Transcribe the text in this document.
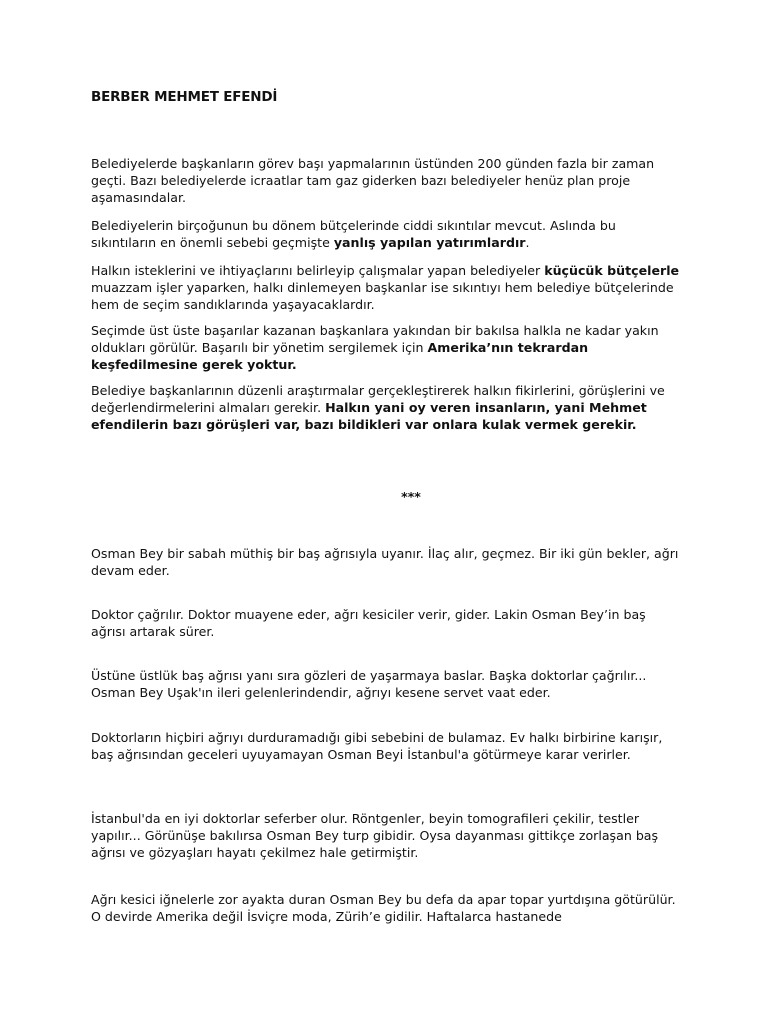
BERBER MEHMET EFENDİ

Belediyelerde başkanların görev başı yapmalarının üstünden 200 günden fazla bir zaman geçti. Bazı belediyelerde icraatlar tam gaz giderken bazı belediyeler henüz plan proje aşamasındalar.

Belediyelerin birçoğunun bu dönem bütçelerinde ciddi sıkıntılar mevcut. Aslında bu sıkıntıların en önemli sebebi geçmişte yanlış yapılan yatırımlardır.

Halkın isteklerini ve ihtiyaçlarını belirleyip çalışmalar yapan belediyeler küçücük bütçelerle muazzam işler yaparken, halkı dinlemeyen başkanlar ise sıkıntıyı hem belediye bütçelerinde hem de seçim sandıklarında yaşayacaklardır.

Seçimde üst üste başarılar kazanan başkanlara yakından bir bakılsa halkla ne kadar yakın oldukları görülür. Başarılı bir yönetim sergilemek için Amerika’nın tekrardan keşfedilmesine gerek yoktur.

Belediye başkanlarının düzenli araştırmalar gerçekleştirerek halkın fikirlerini, görüşlerini ve değerlendirmelerini almaları gerekir. Halkın yani oy veren insanların, yani Mehmet efendilerin bazı görüşleri var, bazı bildikleri var onlara kulak vermek gerekir.

***

Osman Bey bir sabah müthiş bir baş ağrısıyla uyanır. İlaç alır, geçmez. Bir iki gün bekler, ağrı devam eder.

Doktor çağrılır. Doktor muayene eder, ağrı kesiciler verir, gider. Lakin Osman Bey’in baş ağrısı artarak sürer.

Üstüne üstlük baş ağrısı yanı sıra gözleri de yaşarmaya baslar. Başka doktorlar çağrılır... Osman Bey Uşak'ın ileri gelenlerindendir, ağrıyı kesene servet vaat eder.

Doktorların hiçbiri ağrıyı durduramadığı gibi sebebini de bulamaz. Ev halkı birbirine karışır, baş ağrısından geceleri uyuyamayan Osman Beyi İstanbul'a götürmeye karar verirler.

İstanbul'da en iyi doktorlar seferber olur. Röntgenler, beyin tomografileri çekilir, testler yapılır... Görünüşe bakılırsa Osman Bey turp gibidir. Oysa dayanması gittikçe zorlaşan baş ağrısı ve gözyaşları hayatı çekilmez hale getirmiştir.

Ağrı kesici iğnelerle zor ayakta duran Osman Bey bu defa da apar topar yurtdışına götürülür. O devirde Amerika değil İsviçre moda, Zürih’e gidilir. Haftalarca hastanede
